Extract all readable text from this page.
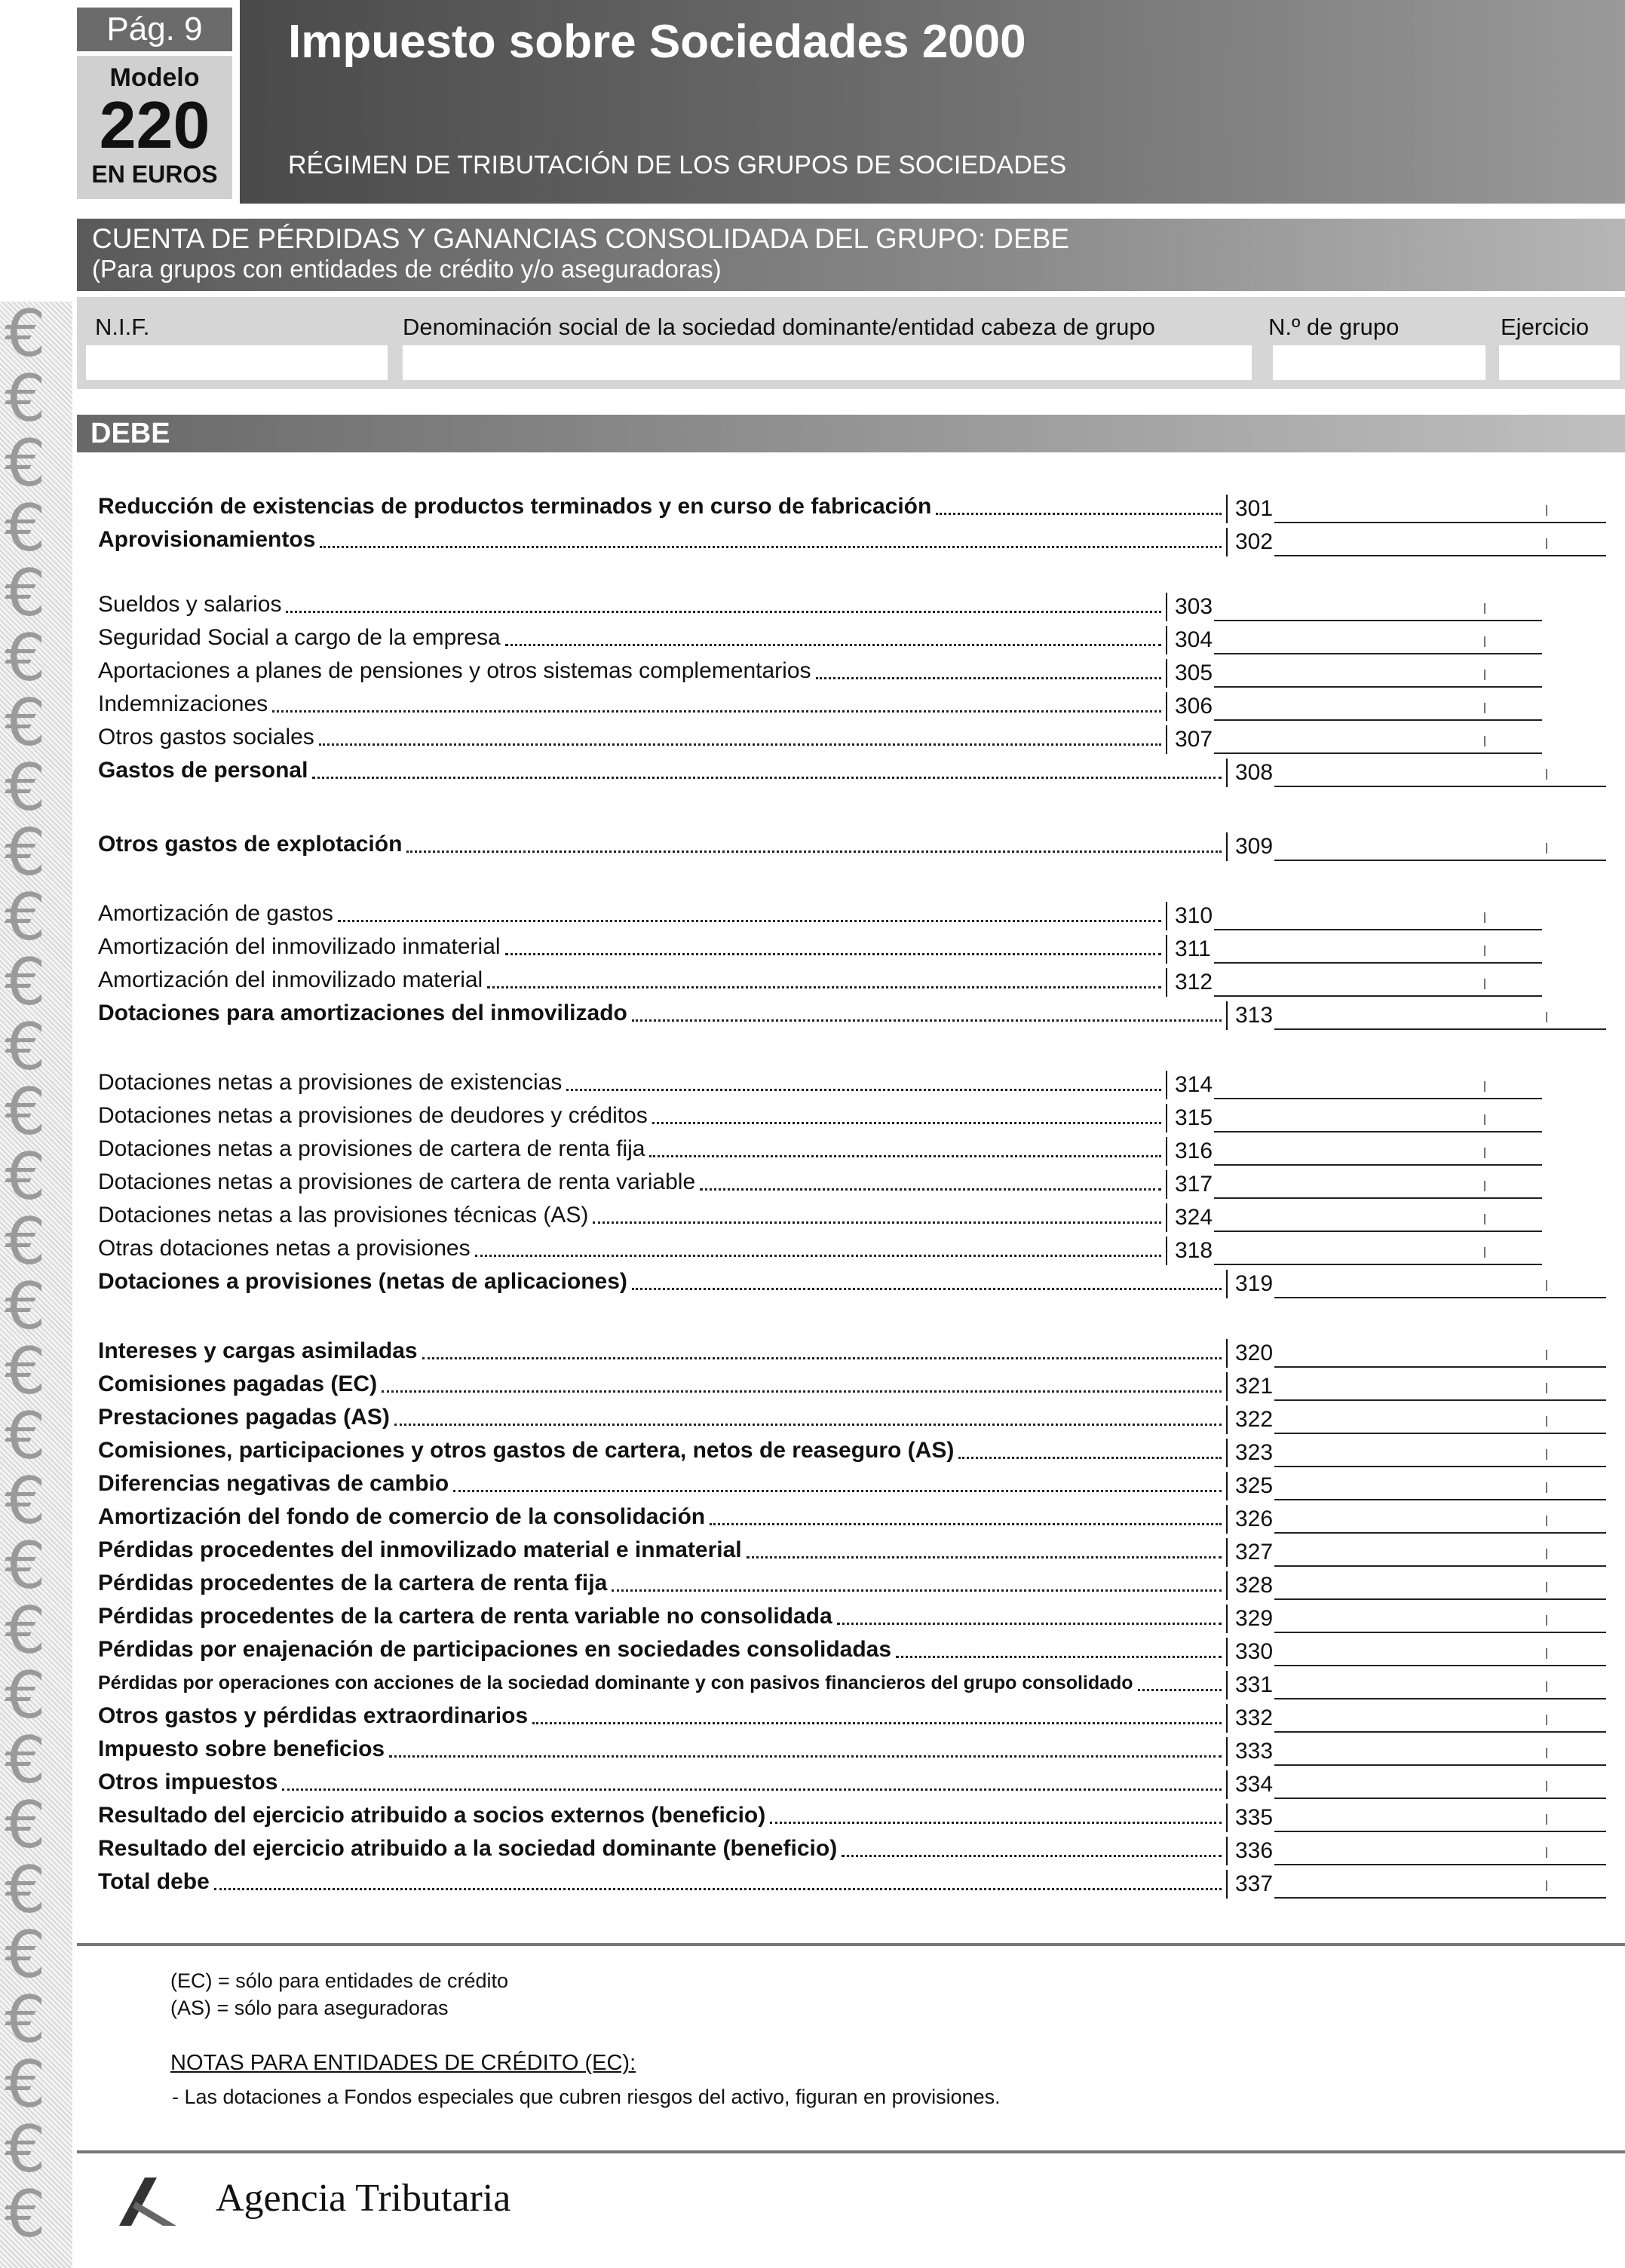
€
€
€
€
€
€
€
€
€
€
€
€
€
€
€
€
€
€
€
€
€
€
€
€
€
€
€
€
€
€
Pág. 9
Modelo
220
EN EUROS
Impuesto sobre Sociedades 2000
RÉGIMEN DE TRIBUTACIÓN DE LOS GRUPOS DE SOCIEDADES
CUENTA DE PÉRDIDAS Y GANANCIAS CONSOLIDADA DEL GRUPO: DEBE
(Para grupos con entidades de crédito y/o aseguradoras)
N.I.F.	Denominación social de la sociedad dominante/entidad cabeza de grupo	N.º de grupo	Ejercicio
DEBE
Reducción de existencias de productos terminados y en curso de fabricación	301
Aprovisionamientos	302
Sueldos y salarios	303
Seguridad Social a cargo de la empresa	304
Aportaciones a planes de pensiones y otros sistemas complementarios	305
Indemnizaciones	306
Otros gastos sociales	307
Gastos de personal	308
Otros gastos de explotación	309
Amortización de gastos	310
Amortización del inmovilizado inmaterial	311
Amortización del inmovilizado material	312
Dotaciones para amortizaciones del inmovilizado	313
Dotaciones netas a provisiones de existencias	314
Dotaciones netas a provisiones de deudores y créditos	315
Dotaciones netas a provisiones de cartera de renta fija	316
Dotaciones netas a provisiones de cartera de renta variable	317
Dotaciones netas a las provisiones técnicas (AS)	324
Otras dotaciones netas a provisiones	318
Dotaciones a provisiones (netas de aplicaciones)	319
Intereses y cargas asimiladas	320
Comisiones pagadas (EC)	321
Prestaciones pagadas (AS)	322
Comisiones, participaciones y otros gastos de cartera, netos de reaseguro (AS)	323
Diferencias negativas de cambio	325
Amortización del fondo de comercio de la consolidación	326
Pérdidas procedentes del inmovilizado material e inmaterial	327
Pérdidas procedentes de la cartera de renta fija	328
Pérdidas procedentes de la cartera de renta variable no consolidada	329
Pérdidas por enajenación de participaciones en sociedades consolidadas	330
Pérdidas por operaciones con acciones de la sociedad dominante y con pasivos financieros del grupo consolidado	331
Otros gastos y pérdidas extraordinarios	332
Impuesto sobre beneficios	333
Otros impuestos	334
Resultado del ejercicio atribuido a socios externos (beneficio)	335
Resultado del ejercicio atribuido a la sociedad dominante (beneficio)	336
Total debe	337
(EC) = sólo para entidades de crédito
(AS) = sólo para aseguradoras
NOTAS PARA ENTIDADES DE CRÉDITO (EC):
- Las dotaciones a Fondos especiales que cubren riesgos del activo, figuran en provisiones.
Agencia Tributaria
